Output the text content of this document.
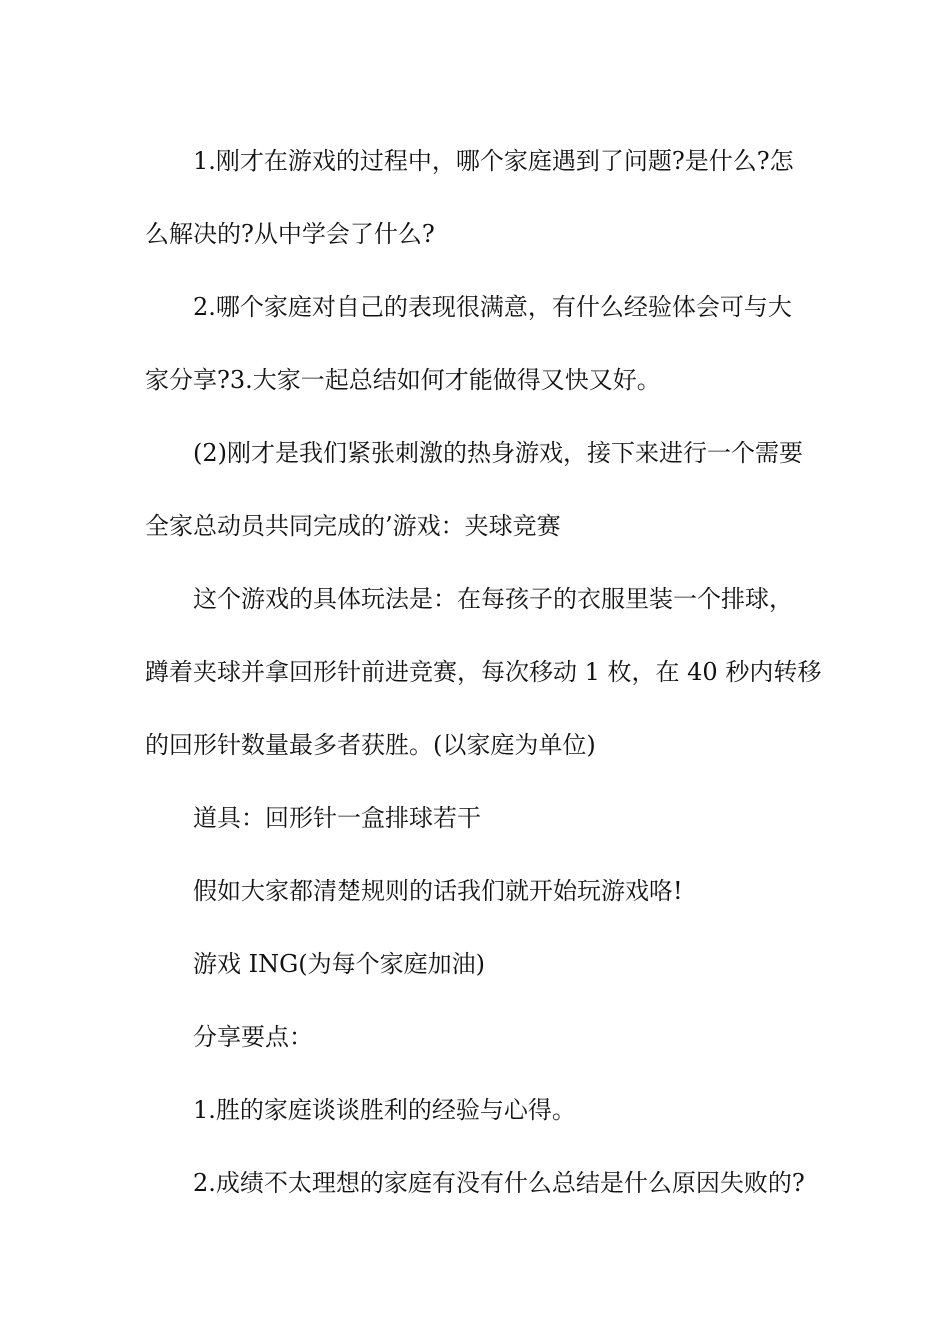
1.刚才在游戏的过程中，哪个家庭遇到了问题?是什么?怎
么解决的?从中学会了什么?
2.哪个家庭对自己的表现很满意，有什么经验体会可与大
家分享?3.大家一起总结如何才能做得又快又好。
(2)刚才是我们紧张刺激的热身游戏，接下来进行一个需要
全家总动员共同完成的’游戏：夹球竞赛
这个游戏的具体玩法是：在每孩子的衣服里装一个排球，
蹲着夹球并拿回形针前进竞赛，每次移动 1 枚，在 40 秒内转移
的回形针数量最多者获胜。(以家庭为单位)
道具：回形针一盒排球若干
假如大家都清楚规则的话我们就开始玩游戏咯!
游戏 ING(为每个家庭加油)
分享要点：
1.胜的家庭谈谈胜利的经验与心得。
2.成绩不太理想的家庭有没有什么总结是什么原因失败的?
